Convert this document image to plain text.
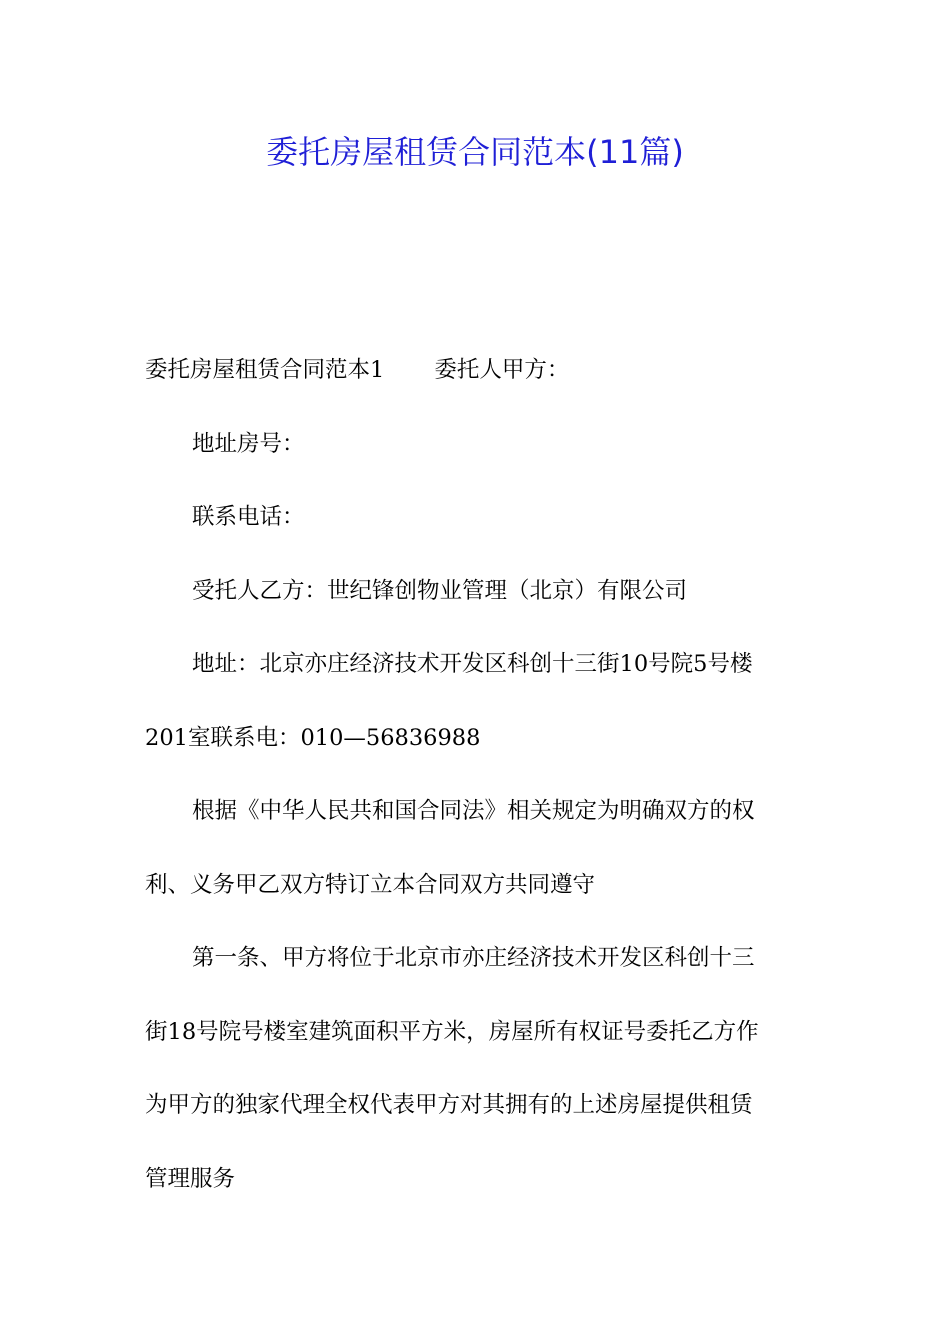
委托房屋租赁合同范本(11篇)

委托房屋租赁合同范本1 委托人甲方：

地址房号：

联系电话：

受托人乙方：世纪锋创物业管理（北京）有限公司

地址：北京亦庄经济技术开发区科创十三街10号院5号楼

201室联系电：010—56836988

根据《中华人民共和国合同法》相关规定为明确双方的权

利、义务甲乙双方特订立本合同双方共同遵守

第一条、甲方将位于北京市亦庄经济技术开发区科创十三

街18号院号楼室建筑面积平方米，房屋所有权证号委托乙方作

为甲方的独家代理全权代表甲方对其拥有的上述房屋提供租赁

管理服务
